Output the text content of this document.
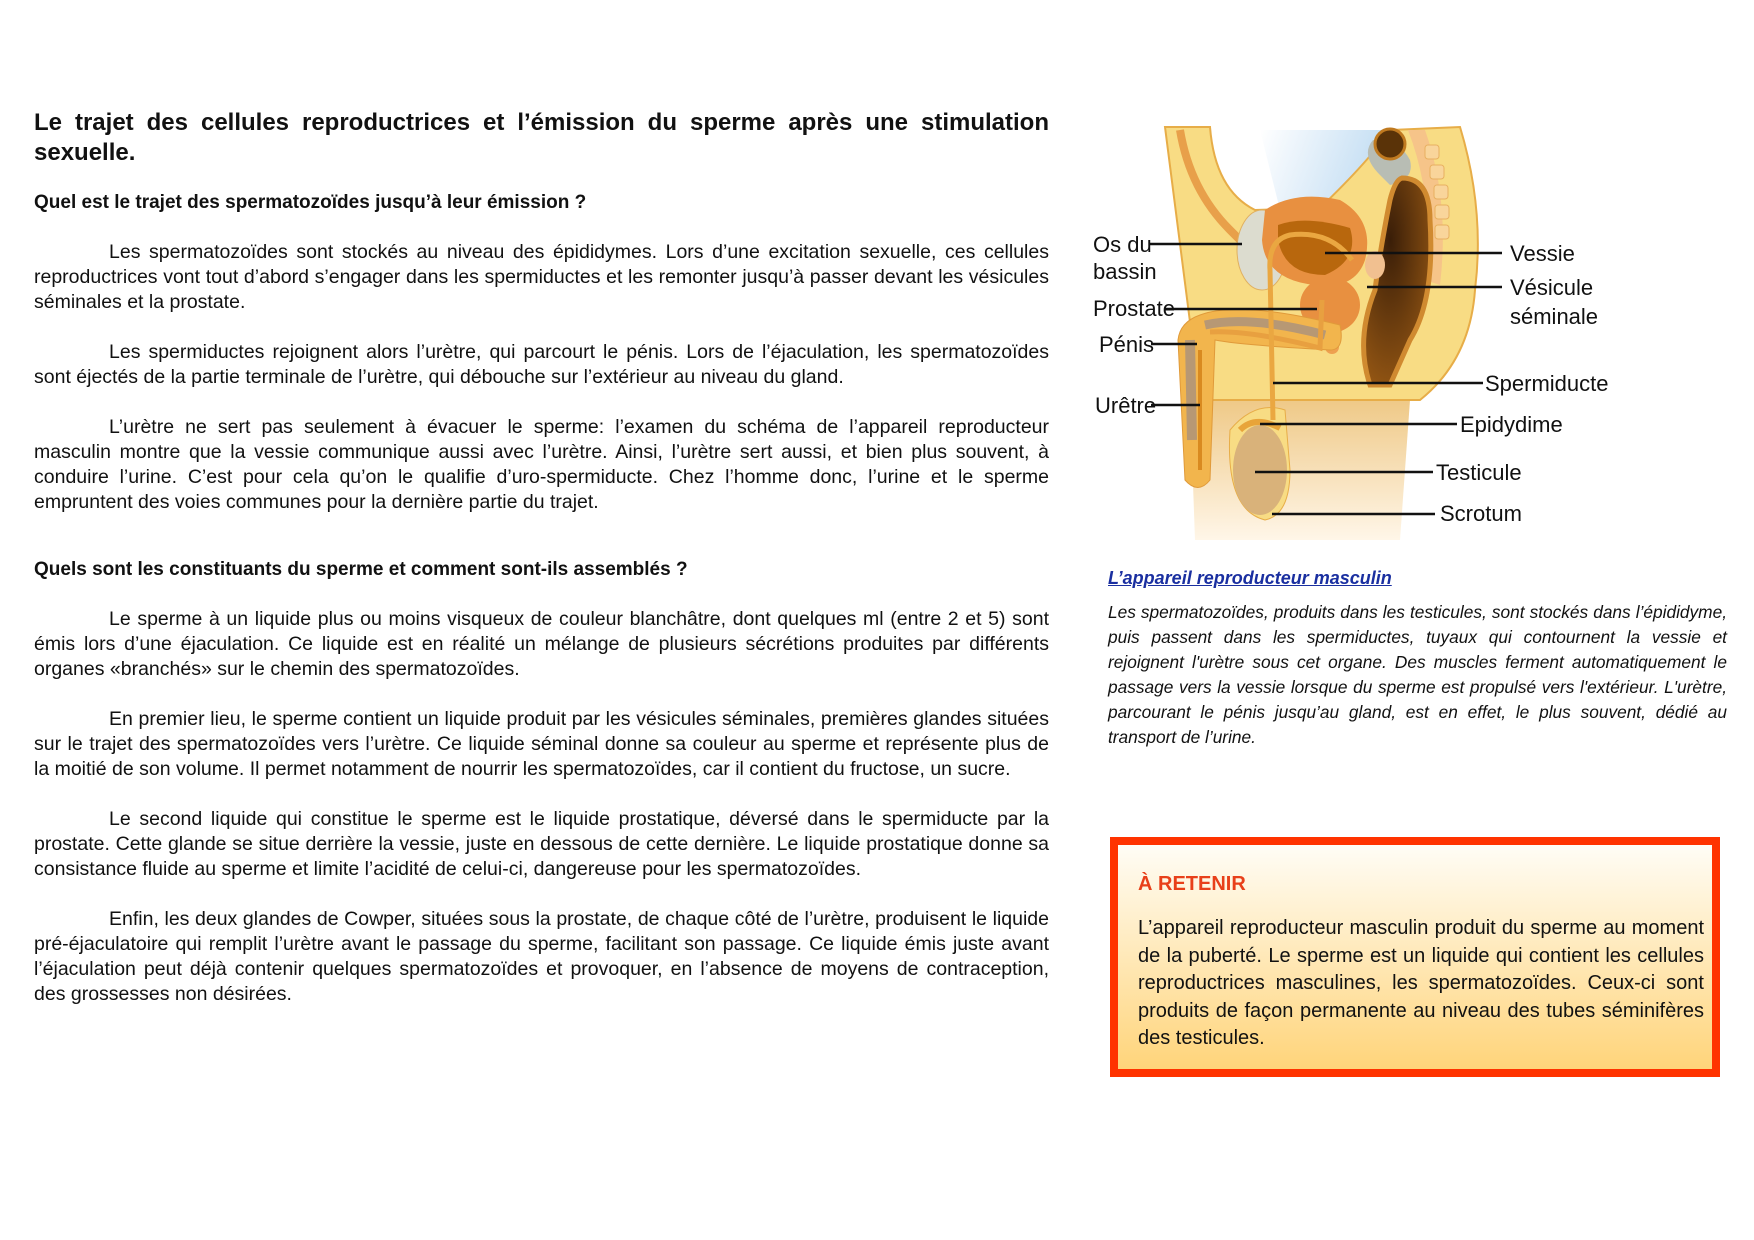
Le trajet des cellules reproductrices et l’émission du sperme après une stimulation sexuelle.
Quel est le trajet des spermatozoïdes jusqu’à leur émission ?

Les spermatozoïdes sont stockés au niveau des épididymes. Lors d’une excitation sexuelle, ces cellules reproductrices vont tout d’abord s’engager dans les spermiductes et les remonter jusqu’à passer devant les vésicules séminales et la prostate.

Les spermiductes rejoignent alors l’urètre, qui parcourt le pénis. Lors de l’éjaculation, les spermatozoïdes sont éjectés de la partie terminale de l’urètre, qui débouche sur l’extérieur au niveau du gland.

L’urètre ne sert pas seulement à évacuer le sperme: l’examen du schéma de l’appareil reproducteur masculin montre que la vessie communique aussi avec l’urètre. Ainsi, l’urètre sert aussi, et bien plus souvent, à conduire l’urine. C’est pour cela qu’on le qualifie d’uro-spermiducte. Chez l’homme donc, l’urine et le sperme empruntent des voies communes pour la dernière partie du trajet.

Quels sont les constituants du sperme et comment sont-ils assemblés ?

Le sperme à un liquide plus ou moins visqueux de couleur blanchâtre, dont quelques ml (entre 2 et 5) sont émis lors d’une éjaculation. Ce liquide est en réalité un mélange de plusieurs sécrétions produites par différents organes «branchés» sur le chemin des spermatozoïdes.

En premier lieu, le sperme contient un liquide produit par les vésicules séminales, premières glandes situées sur le trajet des spermatozoïdes vers l’urètre. Ce liquide séminal donne sa couleur au sperme et représente plus de la moitié de son volume. Il permet notamment de nourrir les spermatozoïdes, car il contient du fructose, un sucre.

Le second liquide qui constitue le sperme est le liquide prostatique, déversé dans le spermiducte par la prostate. Cette glande se situe derrière la vessie, juste en dessous de cette dernière. Le liquide prostatique donne sa consistance fluide au sperme et limite l’acidité de celui-ci, dangereuse pour les spermatozoïdes.

Enfin, les deux glandes de Cowper, situées sous la prostate, de chaque côté de l’urètre, produisent le liquide pré-éjaculatoire qui remplit l’urètre avant le passage du sperme, facilitant son passage. Ce liquide émis juste avant l’éjaculation peut déjà contenir quelques spermatozoïdes et provoquer, en l’absence de moyens de contraception, des grossesses non désirées.

Os du
bassin
Prostate
Pénis
Urêtre
Vessie
Vésicule
séminale
Spermiducte
Epidydime
Testicule
Scrotum

L’appareil reproducteur masculin

Les spermatozoïdes, produits dans les testicules, sont stockés dans l’épididyme, puis passent dans les spermiductes, tuyaux qui contournent la vessie et rejoignent l'urètre sous cet organe. Des muscles ferment automatiquement le passage vers la vessie lorsque du sperme est propulsé vers l'extérieur. L'urètre, parcourant le pénis jusqu’au gland, est en effet, le plus souvent, dédié au transport de l’urine.

À RETENIR

L’appareil reproducteur masculin produit du sperme au moment de la puberté. Le sperme est un liquide qui contient les cellules reproductrices masculines, les spermatozoïdes. Ceux-ci sont produits de façon permanente au niveau des tubes séminifères des testicules.
